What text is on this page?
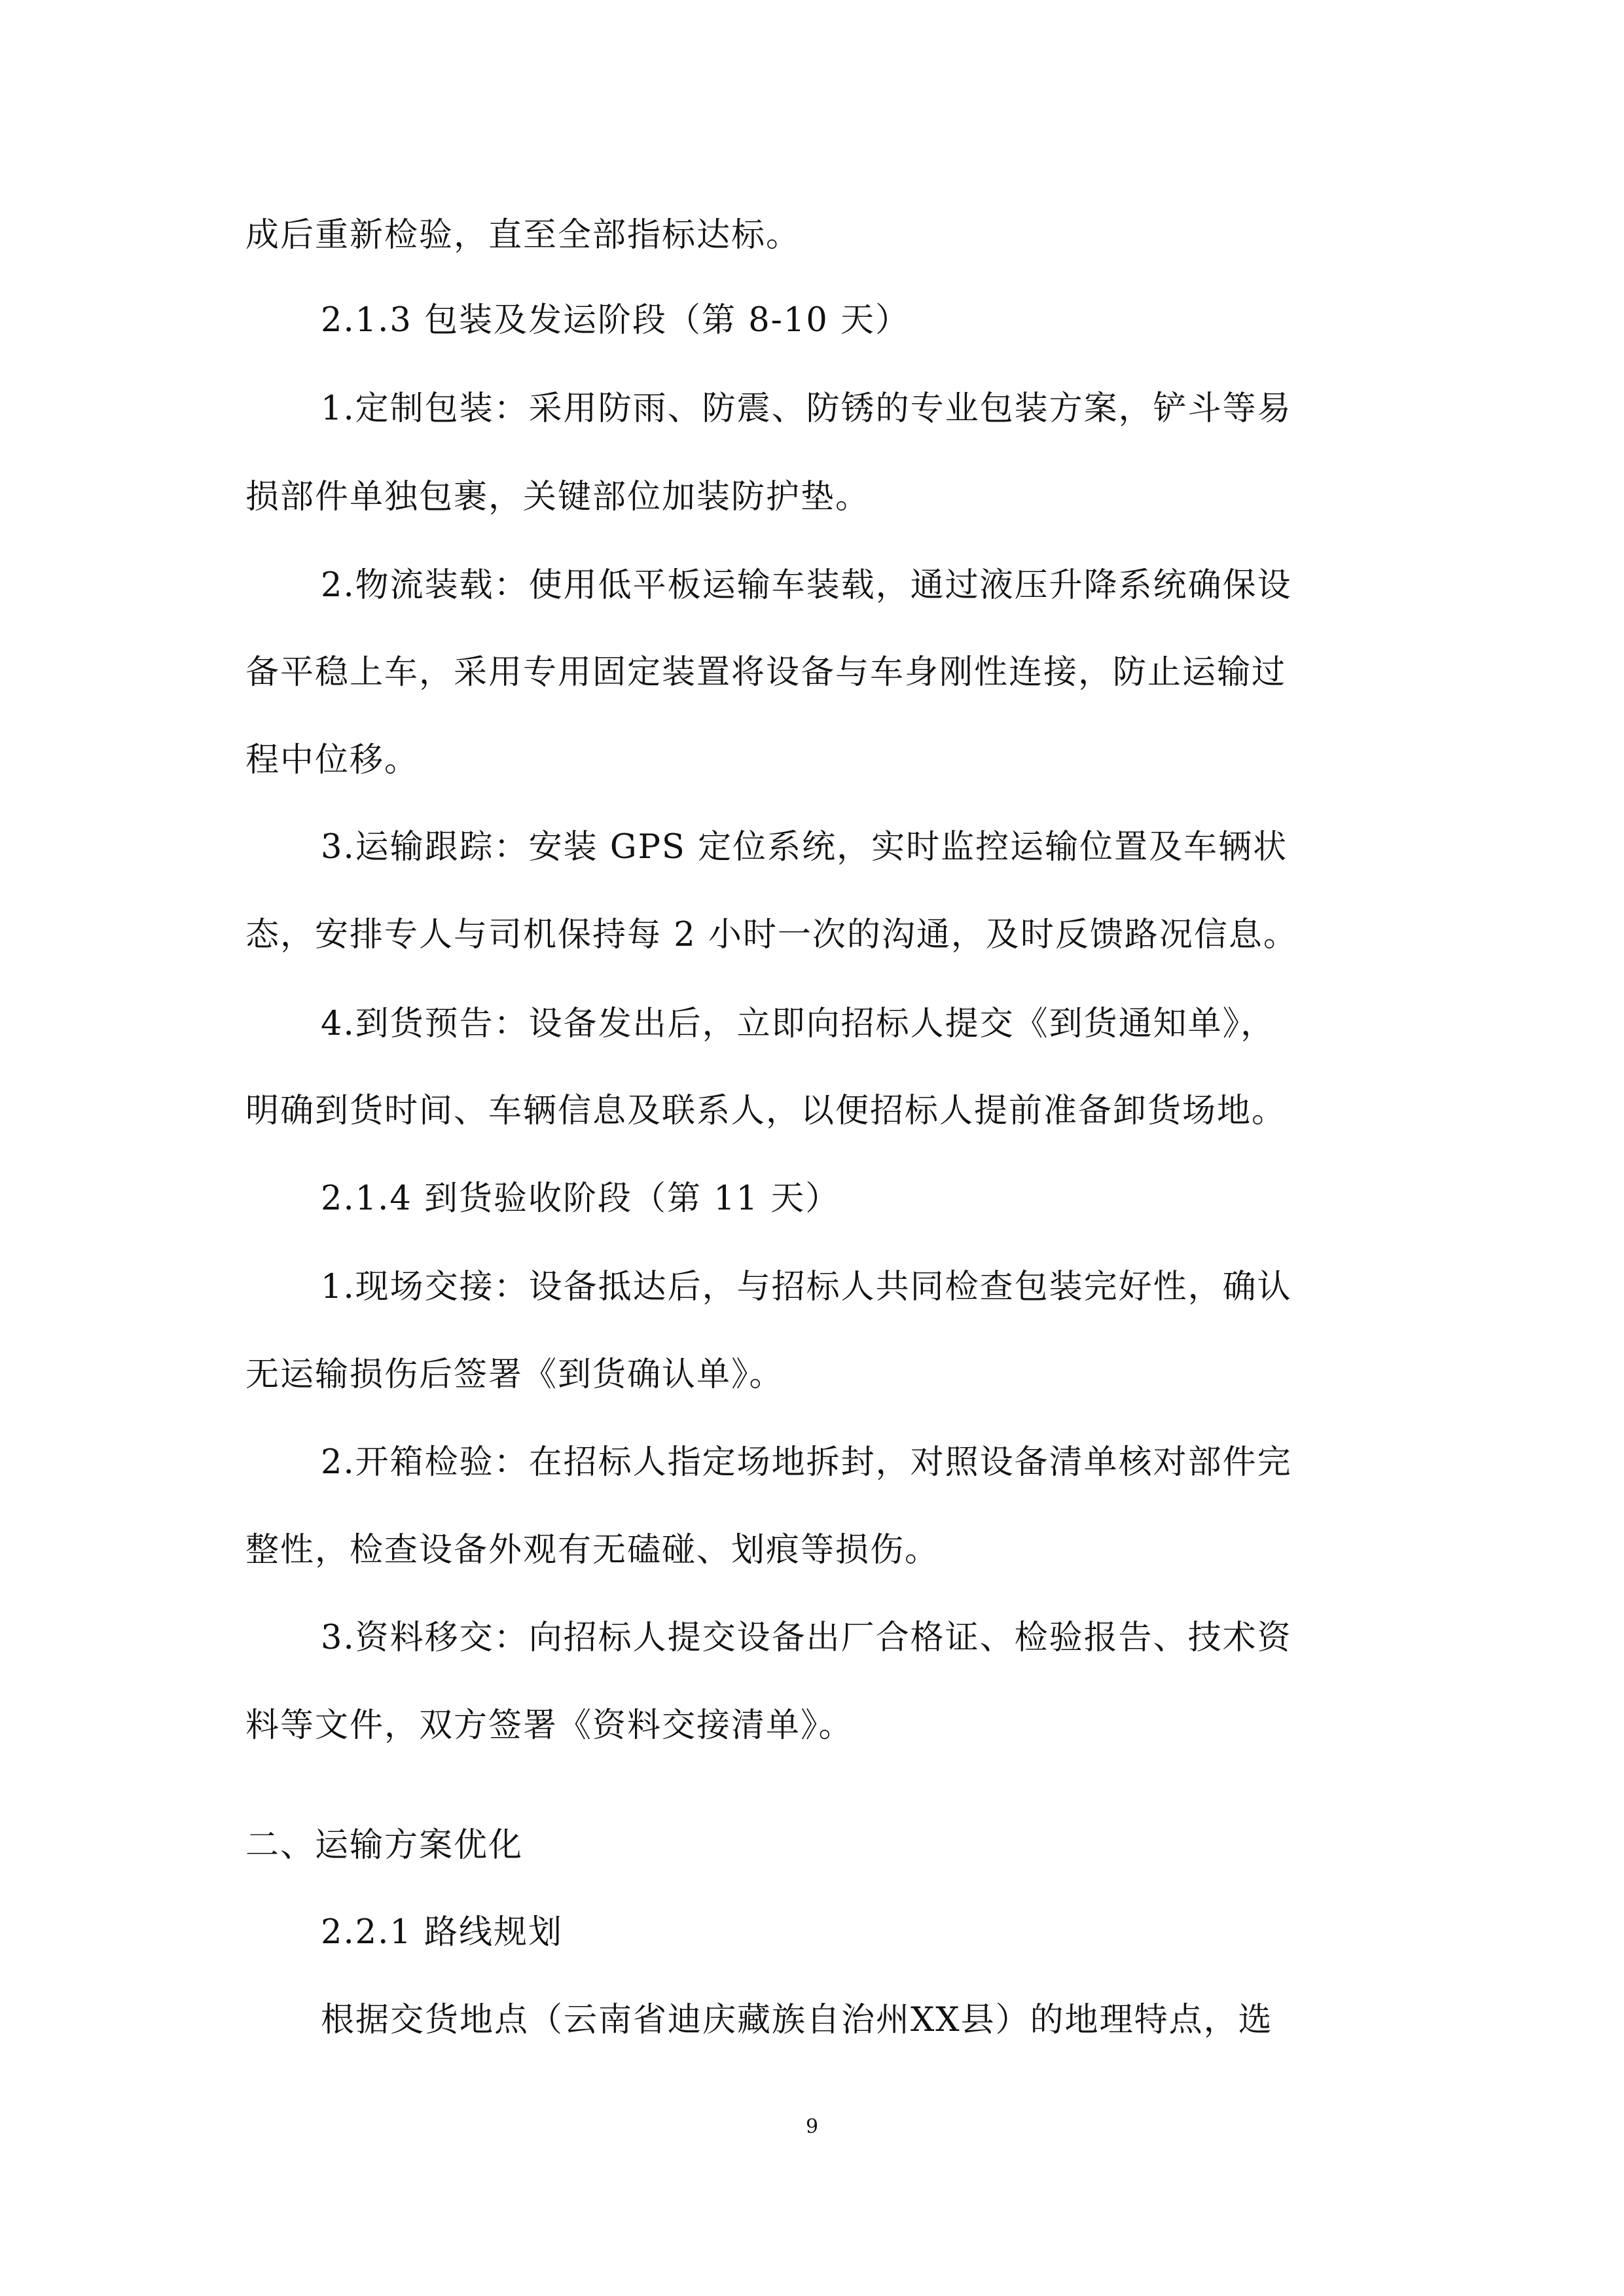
成后重新检验，直至全部指标达标。
2.1.3 包装及发运阶段（第 8-10 天）
1.定制包装：采用防雨、防震、防锈的专业包装方案，铲斗等易
损部件单独包裹，关键部位加装防护垫。
2.物流装载：使用低平板运输车装载，通过液压升降系统确保设
备平稳上车，采用专用固定装置将设备与车身刚性连接，防止运输过
程中位移。
3.运输跟踪：安装 GPS 定位系统，实时监控运输位置及车辆状
态，安排专人与司机保持每 2 小时一次的沟通，及时反馈路况信息。
4.到货预告：设备发出后，立即向招标人提交《到货通知单》，
明确到货时间、车辆信息及联系人，以便招标人提前准备卸货场地。
2.1.4 到货验收阶段（第 11 天）
1.现场交接：设备抵达后，与招标人共同检查包装完好性，确认
无运输损伤后签署《到货确认单》。
2.开箱检验：在招标人指定场地拆封，对照设备清单核对部件完
整性，检查设备外观有无磕碰、划痕等损伤。
3.资料移交：向招标人提交设备出厂合格证、检验报告、技术资
料等文件，双方签署《资料交接清单》。
二、运输方案优化
2.2.1 路线规划
根据交货地点（云南省迪庆藏族自治州XX县）的地理特点，选
9
